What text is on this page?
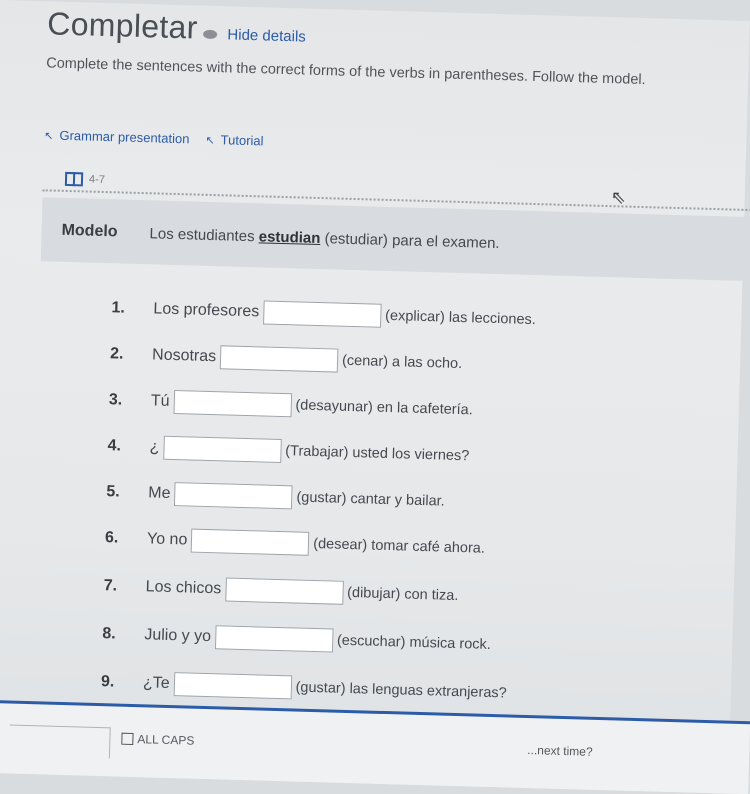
Completar Hide details
Complete the sentences with the correct forms of the verbs in parentheses. Follow the model.
↖ Grammar presentation ↖ Tutorial
4-7
⇖
Modelo Los estudiantes estudian (estudiar) para el examen.
1.	Los profesores	(explicar) las lecciones.
2.	Nosotras	(cenar) a las ocho.
3.	Tú	(desayunar) en la cafetería.
4.	¿	(Trabajar) usted los viernes?
5.	Me	(gustar) cantar y bailar.
6.	Yo no	(desear) tomar café ahora.
7.	Los chicos	(dibujar) con tiza.
8.	Julio y yo	(escuchar) música rock.
9.	¿Te	(gustar) las lenguas extranjeras?
ALL CAPS
...next time?
